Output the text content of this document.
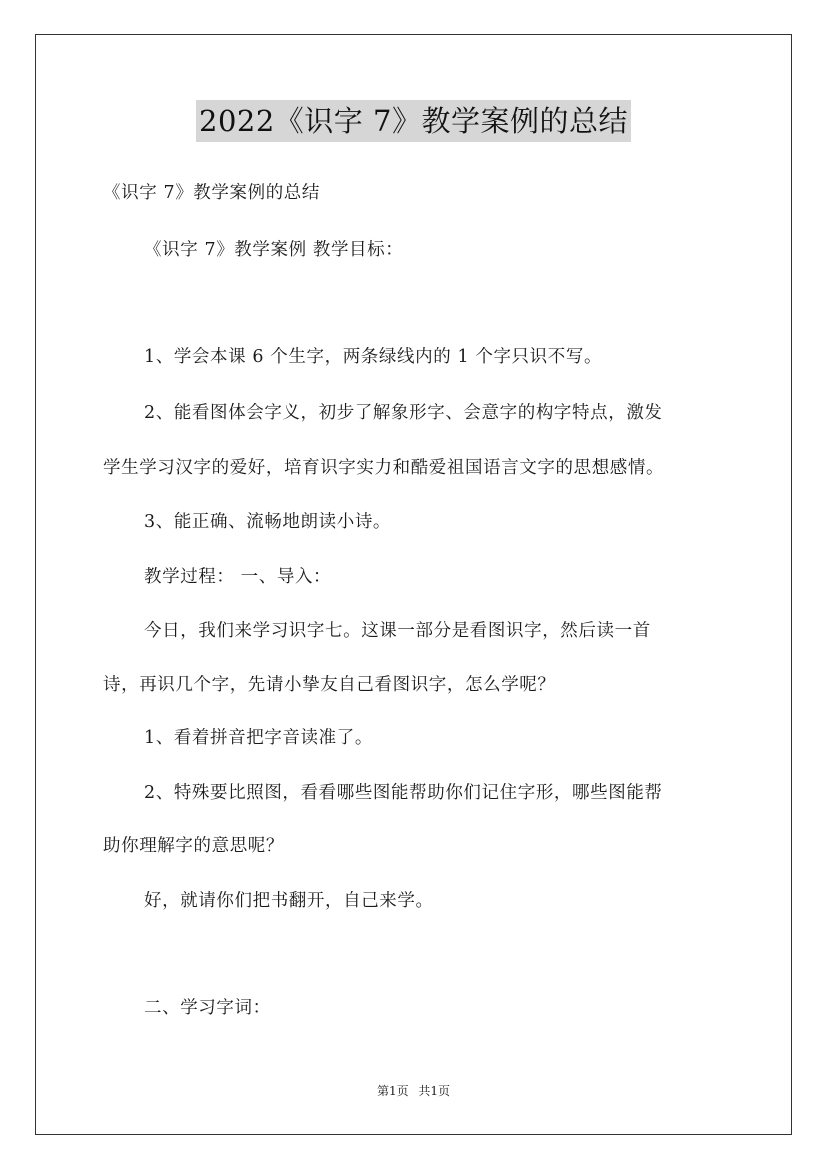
2022《识字 7》教学案例的总结
《识字 7》教学案例的总结
《识字 7》教学案例 教学目标：
1、学会本课 6 个生字，两条绿线内的 1 个字只识不写。
2、能看图体会字义，初步了解象形字、会意字的构字特点，激发
学生学习汉字的爱好，培育识字实力和酷爱祖国语言文字的思想感情。
3、能正确、流畅地朗读小诗。
教学过程： 一、导入：
今日，我们来学习识字七。这课一部分是看图识字，然后读一首
诗，再识几个字，先请小挚友自己看图识字，怎么学呢？
1、看着拼音把字音读准了。
2、特殊要比照图，看看哪些图能帮助你们记住字形，哪些图能帮
助你理解字的意思呢？
好，就请你们把书翻开，自己来学。
二、学习字词：
第1页 共1页
